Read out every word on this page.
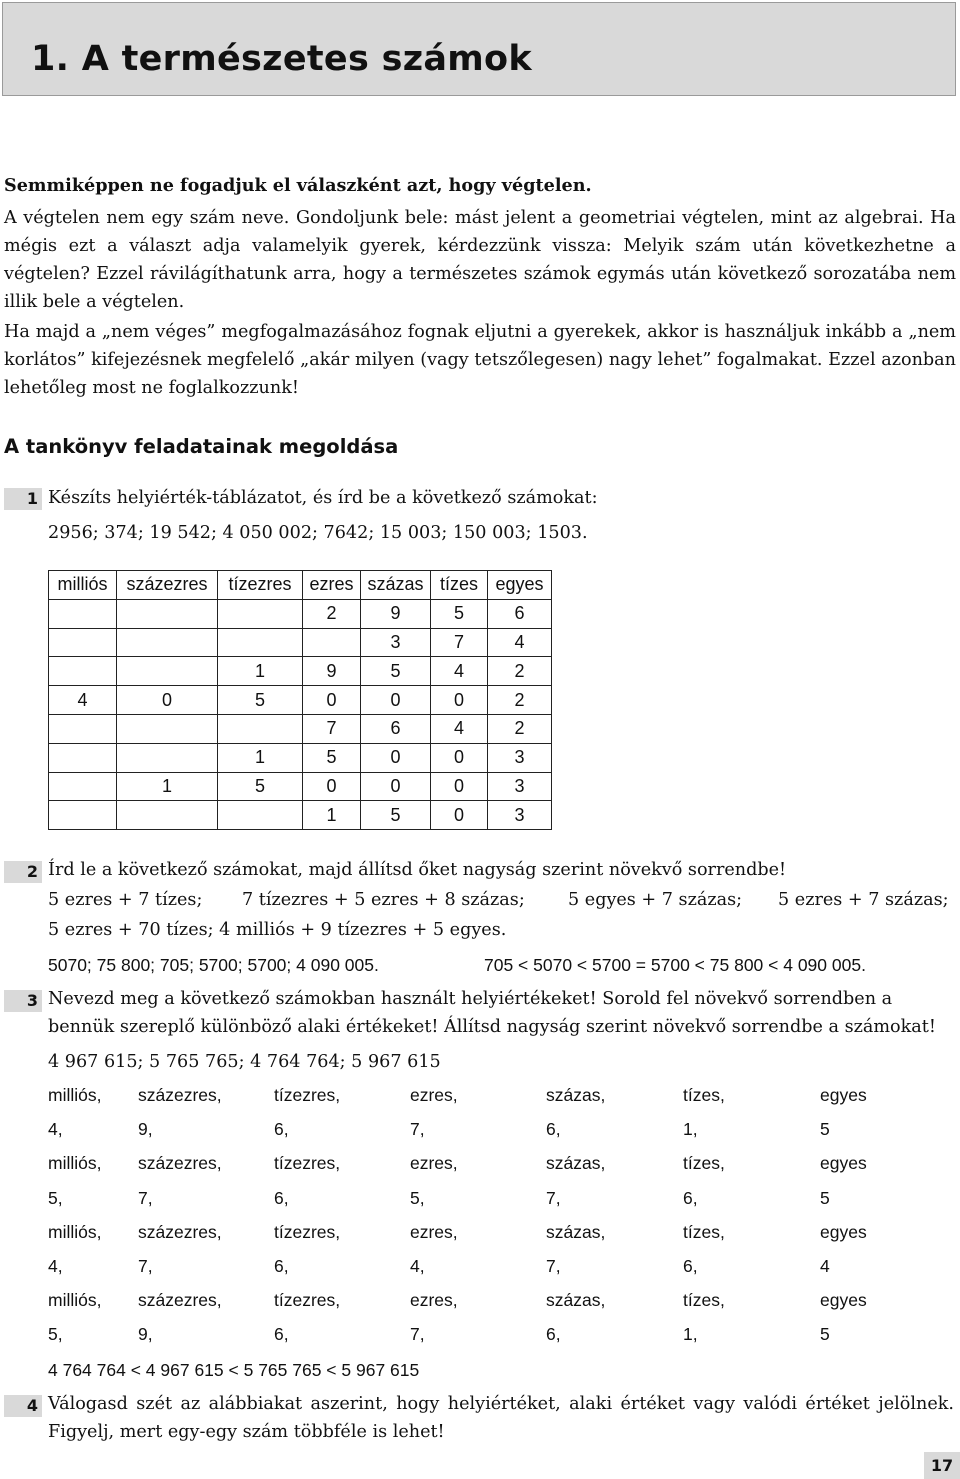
1. A természetes számok

Semmiképpen ne fogadjuk el válaszként azt, hogy végtelen.

A végtelen nem egy szám neve. Gondoljunk bele: mást jelent a geometriai végtelen, mint az algebrai. Ha mégis ezt a választ adja valamelyik gyerek, kérdezzünk vissza: Melyik szám után következhetne a végtelen? Ezzel rávilágíthatunk arra, hogy a természetes számok egymás után következő sorozatába nem illik bele a végtelen.

Ha majd a „nem véges” megfogalmazásához fognak eljutni a gyerekek, akkor is használjuk inkább a „nem korlátos” kifejezésnek megfelelő „akár milyen (vagy tetszőlegesen) nagy lehet” fogalmakat. Ezzel azonban lehetőleg most ne foglalkozzunk!

A tankönyv feladatainak megoldása
1 Készíts helyiérték-táblázatot, és írd be a következő számokat:

2956; 374; 19 542; 4 050 002; 7642; 15 003; 150 003; 1503.

milliós	százezres	tízezres	ezres	százas	tízes	egyes
			2	9	5	6
				3	7	4
		1	9	5	4	2
4	0	5	0	0	0	2
			7	6	4	2
		1	5	0	0	3
	1	5	0	0	0	3
			1	5	0	3
2 Írd le a következő számokat, majd állítsd őket nagyság szerint növekvő sorrendbe!

5 ezres + 7 tízes; 7 tízezres + 5 ezres + 8 százas; 5 egyes + 7 százas; 5 ezres + 7 százas;

5 ezres + 70 tízes; 4 milliós + 9 tízezres + 5 egyes.

5070; 75 800; 705; 5700; 5700; 4 090 005.	705 < 5070 < 5700 = 5700 < 75 800 < 4 090 005.
3 Nevezd meg a következő számokban használt helyiértékeket! Sorold fel növekvő sorrendben a bennük szereplő különböző alaki értékeket! Állítsd nagyság szerint növekvő sorrendbe a számokat!

4 967 615; 5 765 765; 4 764 764; 5 967 615

milliós, százezres,	tízezres,	ezres,	százas,	tízes,	egyes
4,	9,	6,	7,	6,	1,	5
milliós, százezres,	tízezres,	ezres,	százas,	tízes,	egyes
5,	7,	6,	5,	7,	6,	5
milliós, százezres,	tízezres,	ezres,	százas,	tízes,	egyes
4,	7,	6,	4,	7,	6,	4
milliós, százezres,	tízezres,	ezres,	százas,	tízes,	egyes
5,	9,	6,	7,	6,	1,	5
4 764 764 < 4 967 615 < 5 765 765 < 5 967 615
4 Válogasd szét az alábbiakat aszerint, hogy helyiértéket, alaki értéket vagy valódi értéket jelölnek. Figyelj, mert egy-egy szám többféle is lehet!

17
